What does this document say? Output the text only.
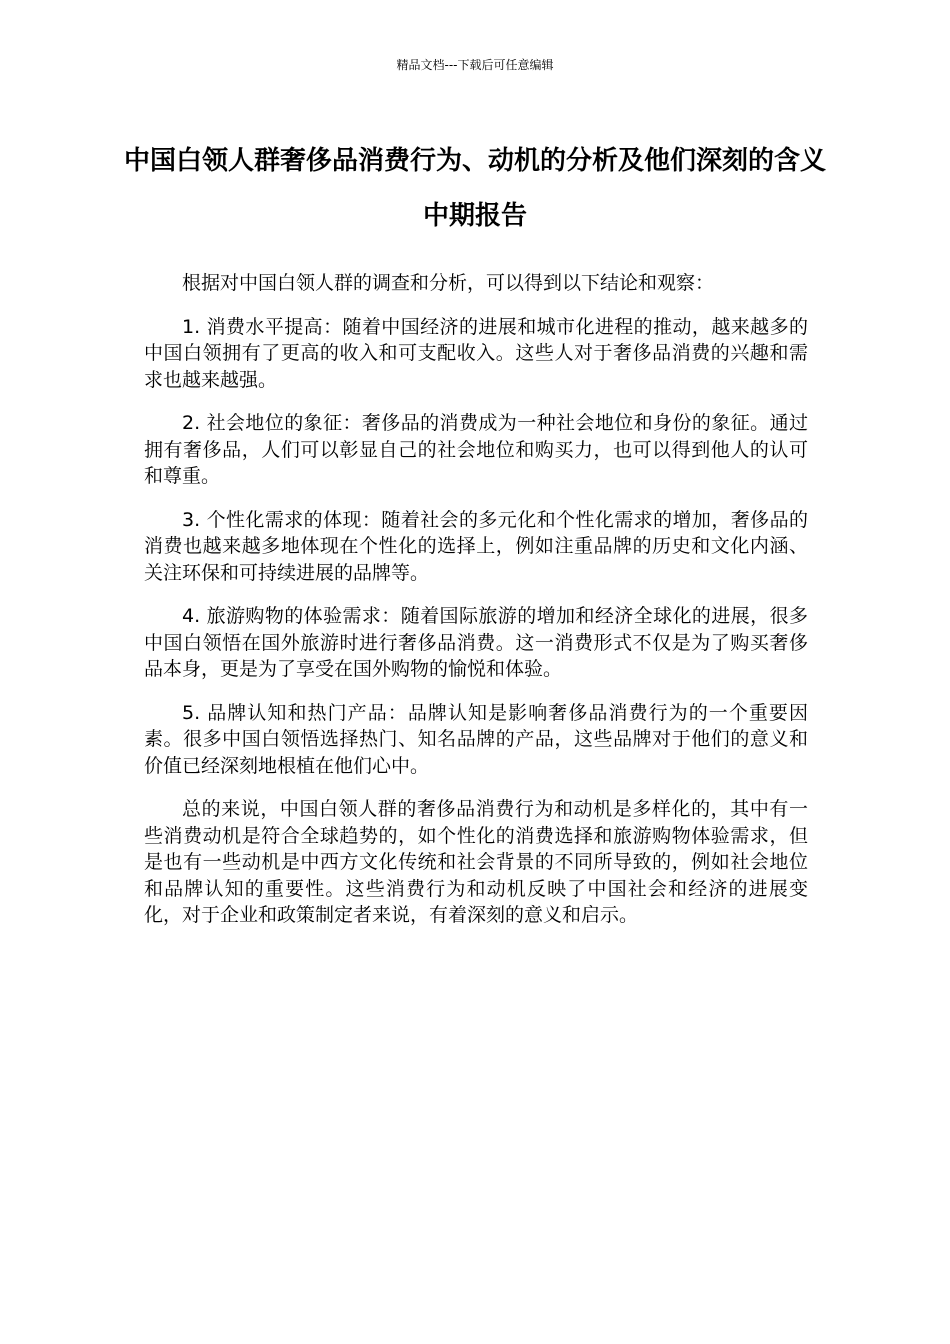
精品文档---下载后可任意编辑
中国白领人群奢侈品消费行为、动机的分析及他们深刻的含义中期报告

根据对中国白领人群的调查和分析，可以得到以下结论和观察：

1. 消费水平提高：随着中国经济的进展和城市化进程的推动，越来越多的中国白领拥有了更高的收入和可支配收入。这些人对于奢侈品消费的兴趣和需求也越来越强。

2. 社会地位的象征：奢侈品的消费成为一种社会地位和身份的象征。通过拥有奢侈品，人们可以彰显自己的社会地位和购买力，也可以得到他人的认可和尊重。

3. 个性化需求的体现：随着社会的多元化和个性化需求的增加，奢侈品的消费也越来越多地体现在个性化的选择上，例如注重品牌的历史和文化内涵、关注环保和可持续进展的品牌等。

4. 旅游购物的体验需求：随着国际旅游的增加和经济全球化的进展，很多中国白领悟在国外旅游时进行奢侈品消费。这一消费形式不仅是为了购买奢侈品本身，更是为了享受在国外购物的愉悦和体验。

5. 品牌认知和热门产品：品牌认知是影响奢侈品消费行为的一个重要因素。很多中国白领悟选择热门、知名品牌的产品，这些品牌对于他们的意义和价值已经深刻地根植在他们心中。

总的来说，中国白领人群的奢侈品消费行为和动机是多样化的，其中有一些消费动机是符合全球趋势的，如个性化的消费选择和旅游购物体验需求，但是也有一些动机是中西方文化传统和社会背景的不同所导致的，例如社会地位和品牌认知的重要性。这些消费行为和动机反映了中国社会和经济的进展变化，对于企业和政策制定者来说，有着深刻的意义和启示。
